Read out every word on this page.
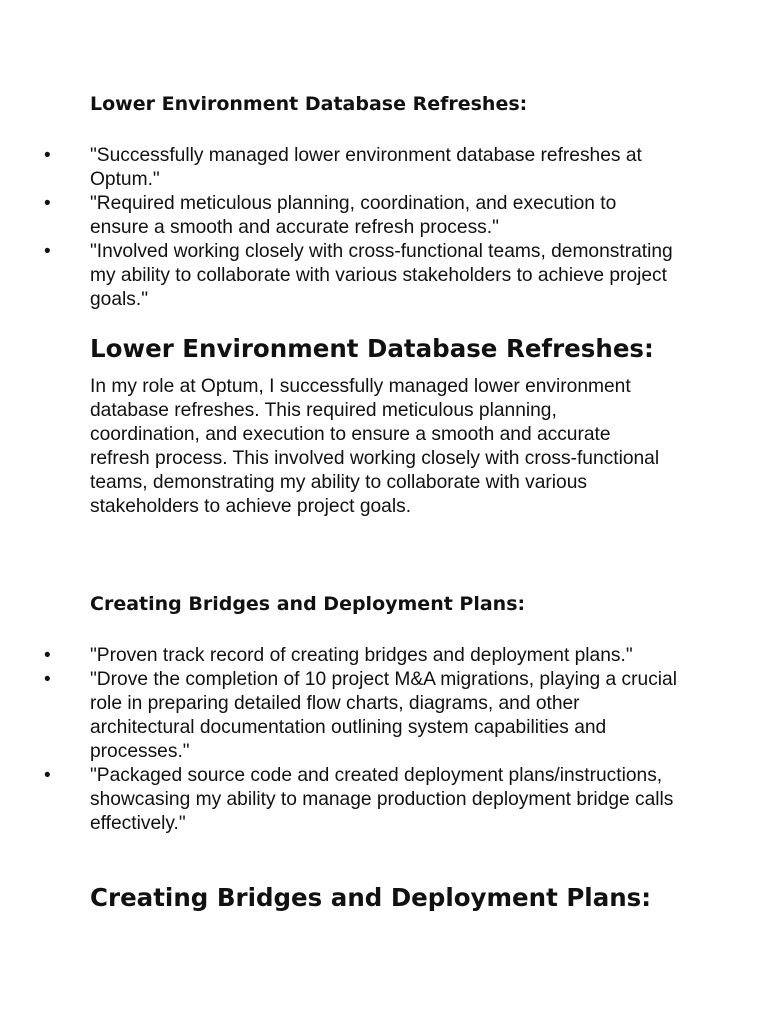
Lower Environment Database Refreshes:
• "Successfully managed lower environment database refreshes at Optum."
• "Required meticulous planning, coordination, and execution to ensure a smooth and accurate refresh process."
• "Involved working closely with cross-functional teams, demonstrating my ability to collaborate with various stakeholders to achieve project goals."
Lower Environment Database Refreshes:

In my role at Optum, I successfully managed lower environment database refreshes. This required meticulous planning, coordination, and execution to ensure a smooth and accurate refresh process. This involved working closely with cross-functional teams, demonstrating my ability to collaborate with various stakeholders to achieve project goals.

Creating Bridges and Deployment Plans:
• "Proven track record of creating bridges and deployment plans."
• "Drove the completion of 10 project M&A migrations, playing a crucial role in preparing detailed flow charts, diagrams, and other architectural documentation outlining system capabilities and processes."
• "Packaged source code and created deployment plans/instructions, showcasing my ability to manage production deployment bridge calls effectively."
Creating Bridges and Deployment Plans:
